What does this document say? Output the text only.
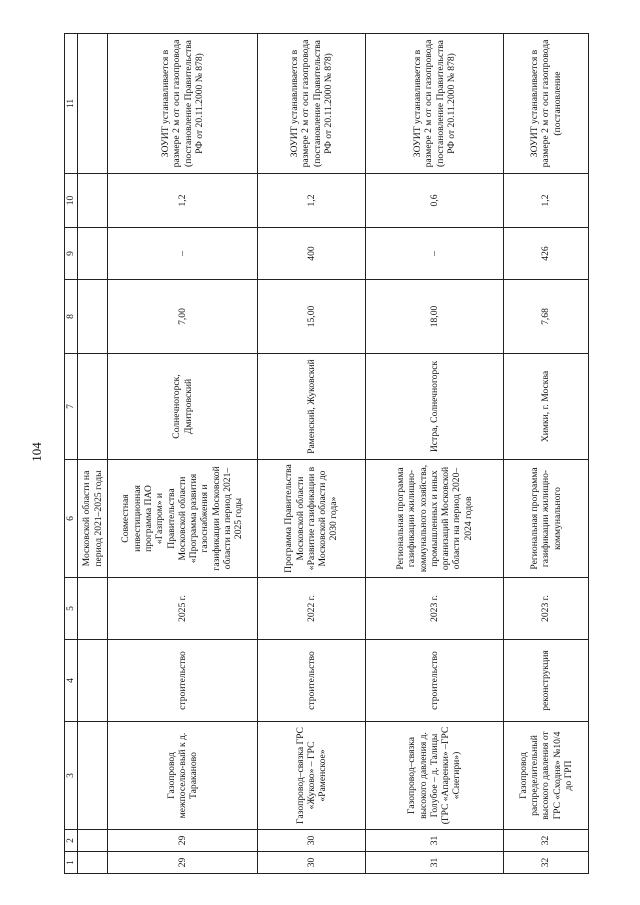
104
1	2	3	4	5	6	7	8	9	10	11
					Московской области на период 2021–2025 годы					
29	29	Газопровод межпоселко-вый к д. Тараканово	строительство	2025 г.	Совместная инвестиционная программа ПАО «Газпром» и Правительства Московской области «Программа развития газоснабжения и газификации Московской области на период 2021–2025 годы	Солнечногорск, Дмитровский	7,00	–	1,2	ЗОУИТ устанавливается в размере 2 м от оси газопровода (постановление Правительства РФ от 20.11.2000 № 878)
30	30	Газопровод–связка ГРС «Жуково» – ГРС «Раменское»	строительство	2022 г.	Программа Правительства Московской области «Развитие газификации в Московской области до 2030 года»	Раменский, Жуковский	15,00	400	1,2	ЗОУИТ устанавливается в размере 2 м от оси газопровода (постановление Правительства РФ от 20.11.2000 № 878)
31	31	Газопровод–связка высокого давления д. Голубое – д. Талицы (ГРС «Апаренки» –ГРС «Снегири»)	строительство	2023 г.	Региональная программа газификации жилищно-коммунального хозяйства, промышленных и иных организаций Московской области на период 2020–2024 годов	Истра, Солнечногорск	18,00	–	0,6	ЗОУИТ устанавливается в размере 2 м от оси газопровода (постановление Правительства РФ от 20.11.2000 № 878)
32	32	Газопровод распределительный высокого давления от ГРС «Сходня» №10/4 до ГРП	реконструкция	2023 г.	Региональная программа газификации жилищно-коммунального	Химки, г. Москва	7,68	426	1,2	ЗОУИТ устанавливается в размере 2 м от оси газопровода (постановление
